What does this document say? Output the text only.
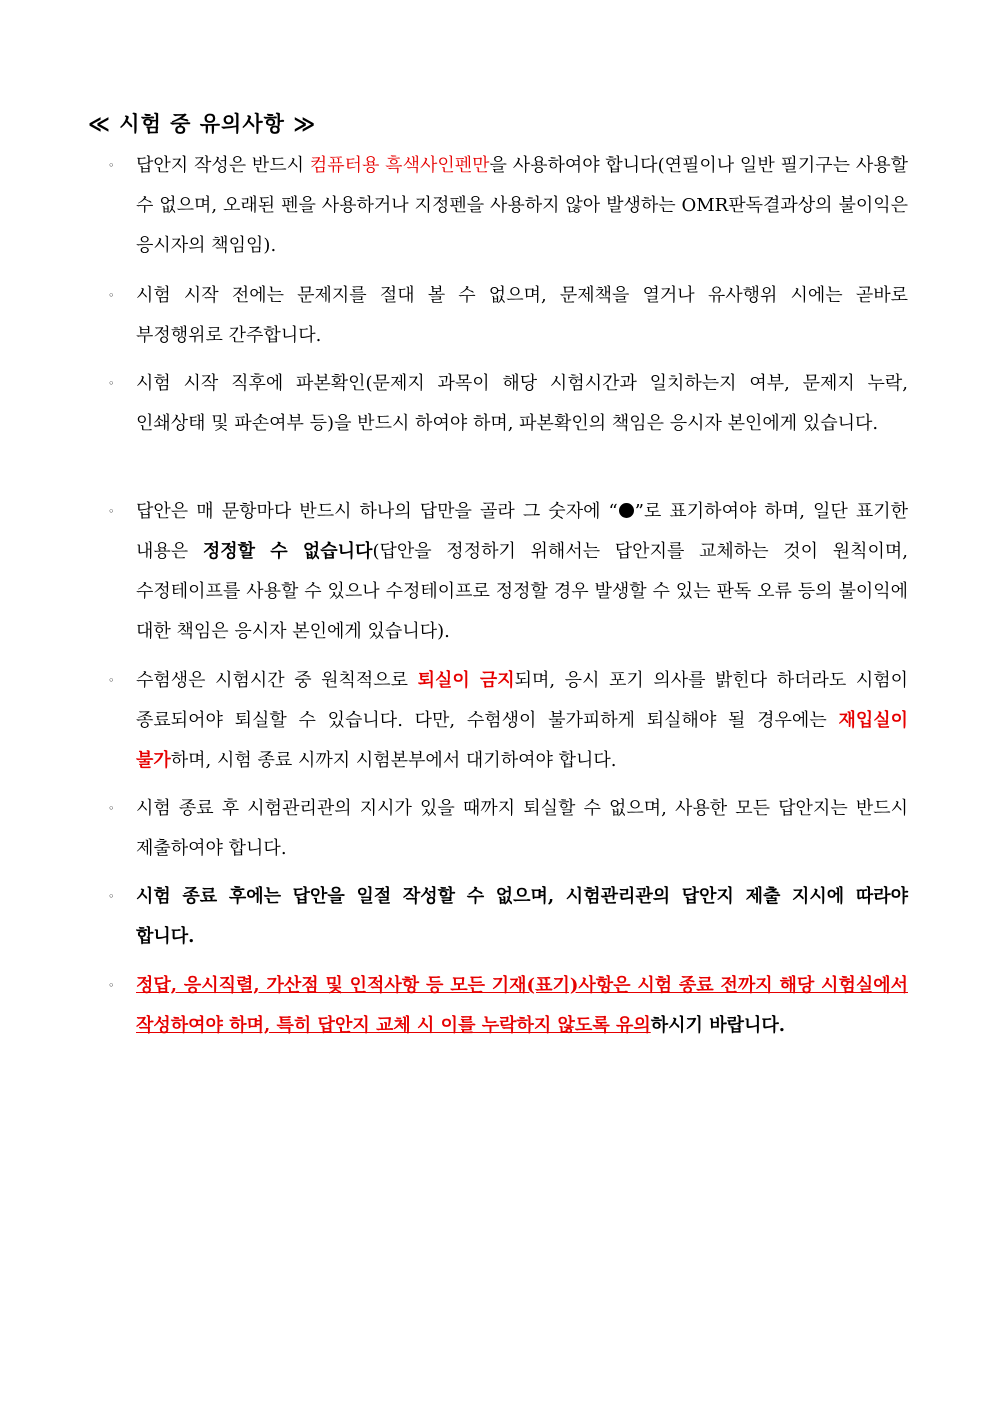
≪ 시험 중 유의사항 ≫
◦ 답안지 작성은 반드시 컴퓨터용 흑색사인펜만을 사용하여야 합니다(연필이나 일반 필기구는 사용할 수 없으며, 오래된 펜을 사용하거나 지정펜을 사용하지 않아 발생하는 OMR판독결과상의 불이익은 응시자의 책임임).
◦ 시험 시작 전에는 문제지를 절대 볼 수 없으며, 문제책을 열거나 유사행위 시에는 곧바로 부정행위로 간주합니다.
◦ 시험 시작 직후에 파본확인(문제지 과목이 해당 시험시간과 일치하는지 여부, 문제지 누락, 인쇄상태 및 파손여부 등)을 반드시 하여야 하며, 파본확인의 책임은 응시자 본인에게 있습니다.
◦ 답안은 매 문항마다 반드시 하나의 답만을 골라 그 숫자에 “ ”로 표기하여야 하며, 일단 표기한 내용은 정정할 수 없습니다(답안을 정정하기 위해서는 답안지를 교체하는 것이 원칙이며, 수정테이프를 사용할 수 있으나 수정테이프로 정정할 경우 발생할 수 있는 판독 오류 등의 불이익에 대한 책임은 응시자 본인에게 있습니다).
◦ 수험생은 시험시간 중 원칙적으로 퇴실이 금지되며, 응시 포기 의사를 밝힌다 하더라도 시험이 종료되어야 퇴실할 수 있습니다. 다만, 수험생이 불가피하게 퇴실해야 될 경우에는 재입실이 불가하며, 시험 종료 시까지 시험본부에서 대기하여야 합니다.
◦ 시험 종료 후 시험관리관의 지시가 있을 때까지 퇴실할 수 없으며, 사용한 모든 답안지는 반드시 제출하여야 합니다.
◦ 시험 종료 후에는 답안을 일절 작성할 수 없으며, 시험관리관의 답안지 제출 지시에 따라야 합니다.
◦ 정답, 응시직렬, 가산점 및 인적사항 등 모든 기재(표기)사항은 시험 종료 전까지 해당 시험실에서 작성하여야 하며, 특히 답안지 교체 시 이를 누락하지 않도록 유의하시기 바랍니다.
